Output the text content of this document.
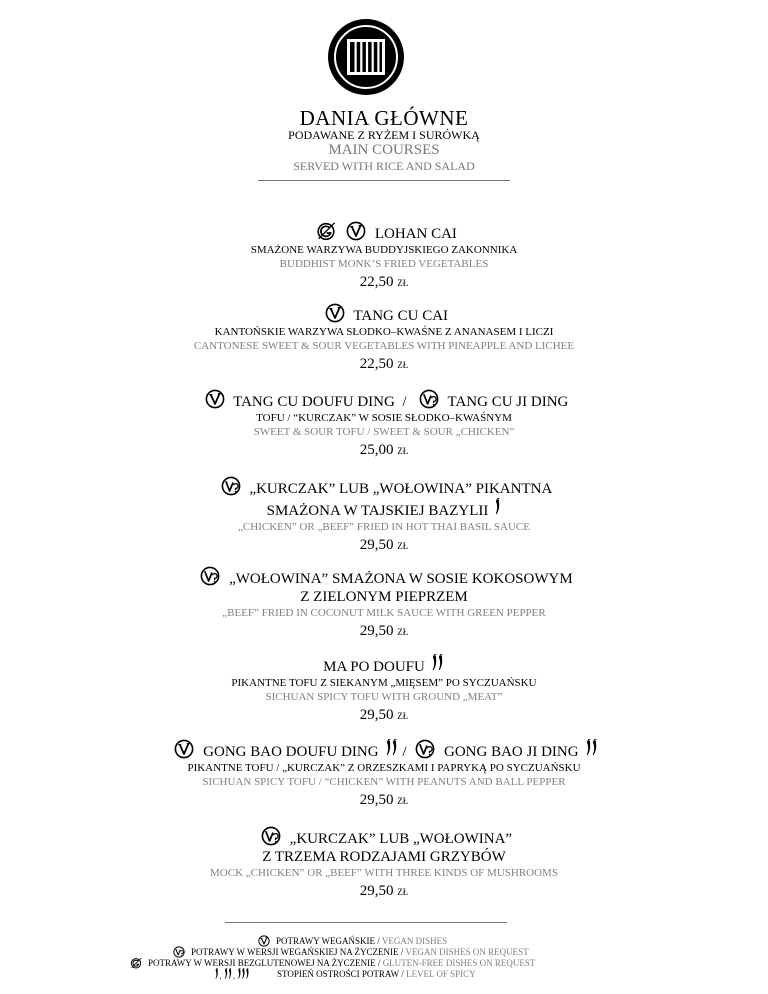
DANIA GŁÓWNE
PODAWANE Z RYŻEM I SURÓWKĄ
MAIN COURSES
SERVED WITH RICE AND SALAD
LOHAN CAI
SMAŻONE WARZYWA BUDDYJSKIEGO ZAKONNIKA
BUDDHIST MONK’S FRIED VEGETABLES
22,50 ZŁ
TANG CU CAI
KANTOŃSKIE WARZYWA SŁODKO–KWAŚNE Z ANANASEM I LICZI
CANTONESE SWEET & SOUR VEGETABLES WITH PINEAPPLE AND LICHEE
22,50 ZŁ
TANG CU DOUFU DING /	TANG CU JI DING
TOFU / “KURCZAK” W SOSIE SŁODKO–KWAŚNYM
SWEET & SOUR TOFU / SWEET & SOUR „CHICKEN”
25,00 ZŁ
„KURCZAK” LUB „WOŁOWINA” PIKANTNA
SMAŻONA W TAJSKIEJ BAZYLII
„CHICKEN” OR „BEEF” FRIED IN HOT THAI BASIL SAUCE
29,50 ZŁ
„WOŁOWINA” SMAŻONA W SOSIE KOKOSOWYM
Z ZIELONYM PIEPRZEM
„BEEF” FRIED IN COCONUT MILK SAUCE WITH GREEN PEPPER
29,50 ZŁ
MA PO DOUFU
PIKANTNE TOFU Z SIEKANYM „MIĘSEM” PO SYCZUAŃSKU
SICHUAN SPICY TOFU WITH GROUND „MEAT”
29,50 ZŁ
GONG BAO DOUFU DING /	GONG BAO JI DING
PIKANTNE TOFU / „KURCZAK” Z ORZESZKAMI I PAPRYKĄ PO SYCZUAŃSKU
SICHUAN SPICY TOFU / “CHICKEN” WITH PEANUTS AND BALL PEPPER
29,50 ZŁ
„KURCZAK” LUB „WOŁOWINA”
Z TRZEMA RODZAJAMI GRZYBÓW
MOCK „CHICKEN” OR „BEEF” WITH THREE KINDS OF MUSHROOMS
29,50 ZŁ
POTRAWY WEGAŃSKIE / VEGAN DISHES
POTRAWY W WERSJI WEGAŃSKIEJ NA ŻYCZENIE / VEGAN DISHES ON REQUEST
POTRAWY W WERSJI BEZGLUTENOWEJ NA ŻYCZENIE / GLUTEN-FREE DISHES ON REQUEST
, ,	STOPIEŃ OSTROŚCI POTRAW / LEVEL OF SPICY
